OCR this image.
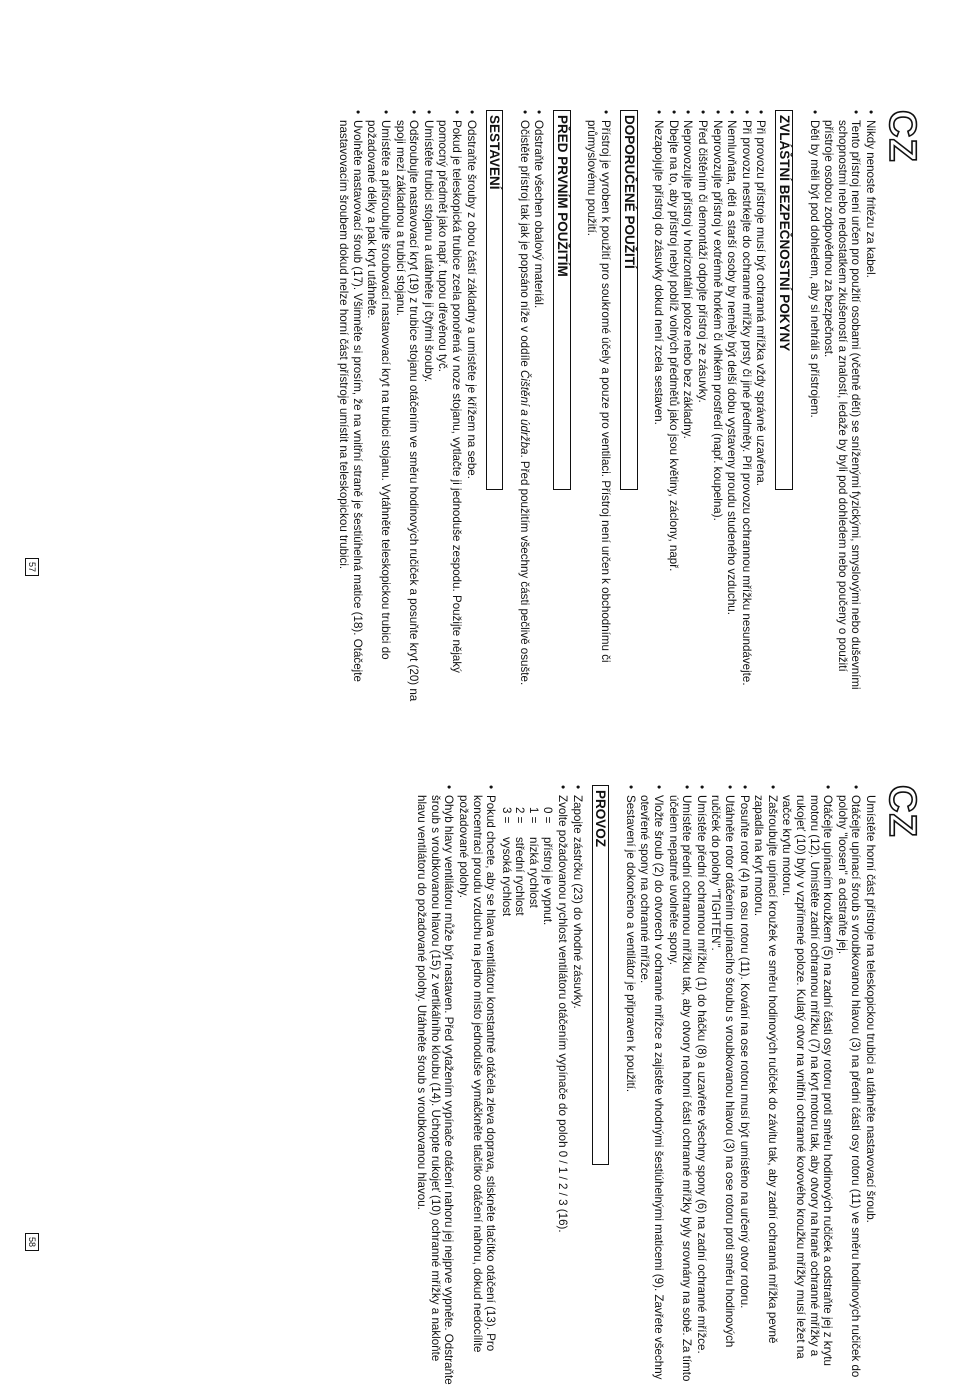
CZ
• Nikdy nenoste fritézu za kabel.
• Tento přístroj není určen pro použití osobami (včetně dětí) se sníženými fyzickými, smyslovými nebo duševními schopnostmi nebo nedostatkem zkušeností a znalostí, ledaže by byli pod dohledem nebo poučeny o použití přístroje osobou zodpovědnou za bezpečnost.
• Děti by měli být pod dohledem, aby si nehráli s přístrojem.
ZVLÁŠTNÍ BEZPEČNOSTNÍ POKYNY
• Při provozu přístroje musí být ochranná mřížka vždy správně uzavřena.
• Při provozu nestrkejte do ochranné mřížky prsty či jiné předměty. Při provozu ochrannou mřížku nesundávejte.
• Nemluvňata, děti a starší osoby by neměly být delší dobu vystaveny proudu studeného vzduchu.
• Neprovozujte přístroj v extrémně horkém či vlhkém prostředí (např. koupelna).
• Před čištěním či demontáží odpojte přístroj ze zásuvky.
• Neprovozujte přístroj v horizontální poloze nebo bez základny.
• Dbejte na to, aby přístroj nebyl poblíž volných předmětů jako jsou květiny, záclony, např.
• Nezapojujte přístroj do zásuvky dokud není zcela sestaven.
DOPORUČENÉ POUŽITÍ
• Přístroj je vyroben k použití pro soukromé účely a pouze pro ventilaci. Přístroj není určen k obchodnímu či průmyslovému použití.
PŘED PRVNÍM POUŽITÍM
• Odstraňte všechen obalový materiál.
• Očistěte přístroj tak jak je popsáno níže v oddíle Čištění a údržba. Před použitím všechny části pečlivě osušte.
SESTAVENÍ
• Odstraňte šrouby z obou částí základny a umístěte je křížem na sebe.
• Pokud je teleskopická trubice zcela ponořená v noze stojanu, vytlačte ji jednoduše zespodu. Použijte nějaký pomocný předmět jako např. tupou dřevěnou tyč.
• Umístěte trubici stojanu a utáhněte ji čtyřmi šrouby.
• Odšroubujte nastavovací kryt (19) z trubice stojanu otáčením ve směru hodinových ručiček a posuňte kryt (20) na spoji mezi základnou a trubicí stojanu.
• Umístěte a přišroubujte šroubovací nastavovací kryt na trubici stojanu. Vytáhněte teleskopickou trubici do požadované délky a pak kryt utáhněte.
• Uvolněte nastavovací šroub (17). Všimněte si prosím, že na vnitřní straně je šestiúhelná matice (18). Otáčejte nastavovacím šroubem dokud nelze horní část přístroje umístit na teleskopickou trubici.
57
CZ
Umístěte horní část přístroje na teleskopickou trubici a utáhněte nastavovací šroub.
• Otáčejte upínací šroub s vroubkovanou hlavou (3) na přední části osy rotoru (11) ve směru hodinových ručiček do polohy "loosen" a odstraňte jej.
• Otáčejte upínacím kroužkem (5) na zadní části osy rotoru proti směru hodinových ručiček a odstraňte jej z krytu motoru (12). Umístěte zadní ochrannou mřížku (7) na kryt motoru tak, aby otvory na hraně ochranné mřížky a rukojeť (10) byly v vzpřímené poloze. Kulatý otvor na vnitřní ochranné kovového kroužku mřížky musí ležet na vačce krytu motoru.
• Zašroubujte upínací kroužek ve směru hodinových ručiček do závitu tak, aby zadní ochranná mřížka pevně zapadla na kryt motoru.
• Posuňte rotor (4) na osu rotoru (11). Kování na ose rotoru musí být umístěno na určený otvor rotoru.
• Utáhněte rotor otáčením upínacího šroubu s vroubkovanou hlavou (3) na ose rotoru proti směru hodinových ručiček do polohy "TIGHTEN".
• Umístěte přední ochrannou mřížku (1) do háčku (8) a uzavřete všechny spony (6) na zadní ochranné mřížce.
• Umístěte přední ochrannou mřížku tak, aby otvory na horní části ochranné mřížky byly srovnány na sobě. Za tímto účelem nepatrně uvolněte spony.
• Vložte šroub (2) do otvorech v ochranné mřížce a zajistěte vhodnými šestiúhelnými maticemi (9). Zavřete všechny otevřené spony na ochranné mřížce.
• Sestavení je dokončeno a ventilátor je připraven k použití.
PROVOZ
• Zapojte zástrčku (23) do vhodné zásuvky.
• Zvolte požadovanou rychlost ventilátoru otáčením vypínače do poloh 0 / 1 / 2 / 3 (16).
0 =
přístroj je vypnut.
1 =
nízká rychlost
2 =
střední rychlost
3 =
vysoká rychlost
• Pokud chcete, aby se hlava ventilátoru konstantně otáčela zleva doprava, stiskněte tlačítko otáčení (13). Pro koncentraci proudu vzduchu na jedno místo jednoduše vymáčkněte tlačítko otáčení nahoru, dokud nedocílite požadované polohy.
• Ohyb hlavy ventilátoru může být nastaven. Před vytažením vypínače otáčení nahoru jej nejprve vypněte. Odstraňte šroub s vroubkovanou hlavou (15) z vertikálního kloubu (14). Uchopte rukojeť (10) ochranné mřížky a nakloňte hlavu ventilátoru do požadované polohy. Utáhněte šroub s vroubkovanou hlavou.
58
